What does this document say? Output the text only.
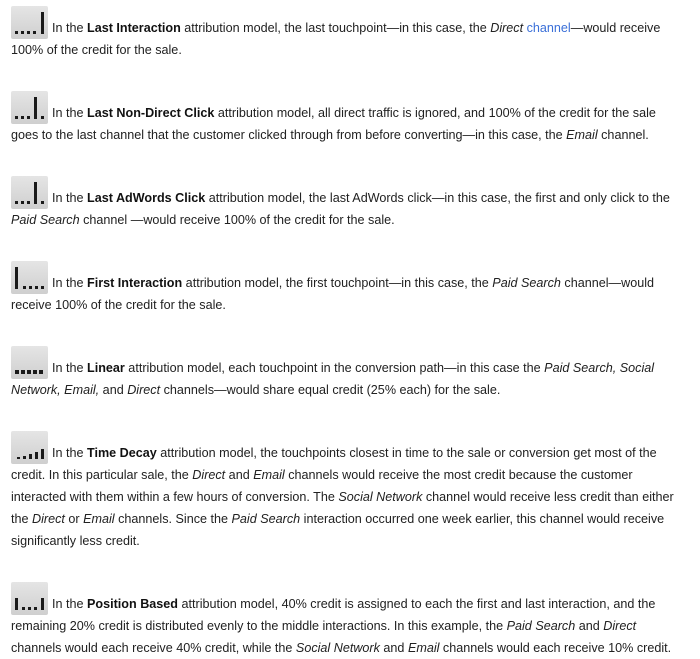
In the Last Interaction attribution model, the last touchpoint—in this case, the Direct channel—would receive 100% of the credit for the sale.

In the Last Non-Direct Click attribution model, all direct traffic is ignored, and 100% of the credit for the sale goes to the last channel that the customer clicked through from before converting—in this case, the Email channel.

In the Last AdWords Click attribution model, the last AdWords click—in this case, the first and only click to the Paid Search channel —would receive 100% of the credit for the sale.

In the First Interaction attribution model, the first touchpoint—in this case, the Paid Search channel—would receive 100% of the credit for the sale.

In the Linear attribution model, each touchpoint in the conversion path—in this case the Paid Search, Social Network, Email, and Direct channels—would share equal credit (25% each) for the sale.

In the Time Decay attribution model, the touchpoints closest in time to the sale or conversion get most of the credit. In this particular sale, the Direct and Email channels would receive the most credit because the customer interacted with them within a few hours of conversion. The Social Network channel would receive less credit than either the Direct or Email channels. Since the Paid Search interaction occurred one week earlier, this channel would receive significantly less credit.

In the Position Based attribution model, 40% credit is assigned to each the first and last interaction, and the remaining 20% credit is distributed evenly to the middle interactions. In this example, the Paid Search and Direct channels would each receive 40% credit, while the Social Network and Email channels would each receive 10% credit.
